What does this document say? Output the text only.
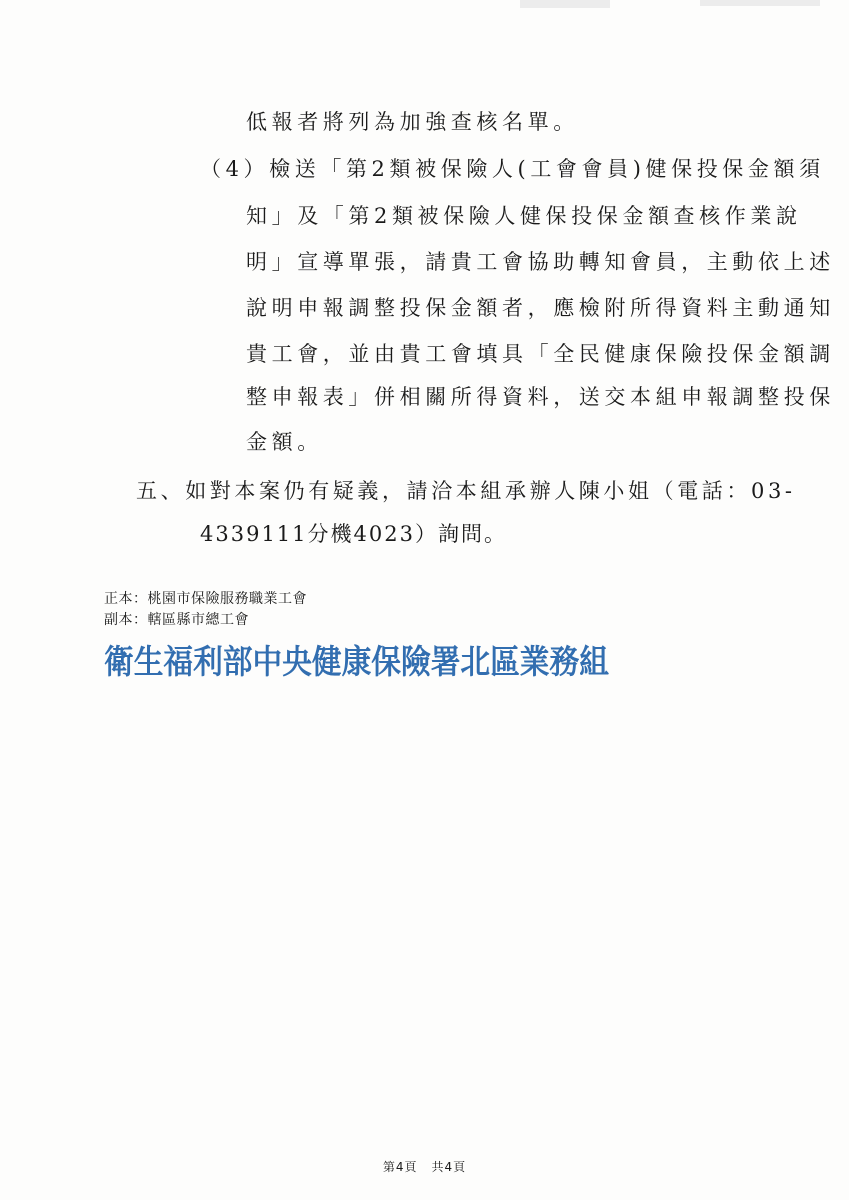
低報者將列為加強查核名單。
（4）檢送「第2類被保險人(工會會員)健保投保金額須
知」及「第2類被保險人健保投保金額查核作業說
明」宣導單張，請貴工會協助轉知會員，主動依上述
說明申報調整投保金額者，應檢附所得資料主動通知
貴工會，並由貴工會填具「全民健康保險投保金額調
整申報表」併相關所得資料，送交本組申報調整投保
金額。
五、如對本案仍有疑義，請洽本組承辦人陳小姐（電話：03-
4339111分機4023）詢問。
正本：桃園市保險服務職業工會
副本：轄區縣市總工會
衛生福利部中央健康保險署北區業務組
第4頁 共4頁
